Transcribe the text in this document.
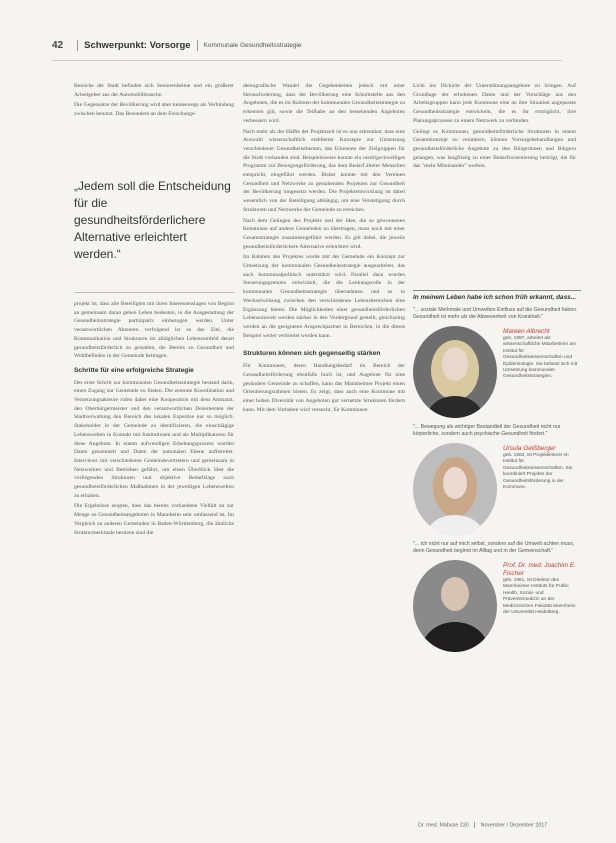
42 Schwerpunkt: Vorsorge Kommunale Gesundheitsstrategie

Bereiche der Stadt befinden sich Seniorenheime und ein großerer Arbeitgeber aus der Automobilbranche.

Die Gegensätze der Bevölkerung wird aber keineswegs als Verbindung zwischen benutzt. Das Besondere an dem Forschungs-

„Jedem soll die Entscheidung für die gesundheitsförderlichere Alternative erleichtert werden.“

projekt ist, dass alle Beteiligten mit ihren Interessenslagen von Beginn an gemeinsam daran gehen Leben bedeuten, in die Ausgestaltung der Gesundheitsstrategie partizipativ einbezogen werden. Unter verantwortlichen Akteuren verfolgend ist es das Ziel, die Kommunikation und Strukturen im alltäglichen Lebensumfeld derart gesundheitsförderlich zu gestalten, die Bereits zu Gesundheit und Wohlbefinden in der Gemeinde beitragen.

Schritte für eine erfolgreiche Strategie

Der erste Schritt zur kommunalen Gesundheitsstrategie bestand darin, einen Zugang zur Gemeinde zu finden. Die zentrale Koordination und Vernetzungsakteure rufen dabei eine Kooperation mit dem Amtsarzt, den Oberbürgermeister und den verantwortlichen Dezernenten der Stadtverwaltung den Bereich des lokalen Expertise nur so möglich. Stakeholder in der Gemeinde zu identifizieren, die einschlägige Lebenswelten in Kontakt mit Institutionen und als Multiplikatoren für diese Angebote. In einem aufwendigen Erhebungsprozess wurden Daten gesammelt und Daten der nationalen Ebene aufbereitet. Interviews mit verschiedenen Gemeindevertretern und gemeinsam in Netzwerken und Betrieben geführt, um einen Überblick über die vorliegenden Strukturen und objektive Bedarfslage nach gesundheitsförderlichen Maßnahmen in der jeweiligen Lebenswelten zu erhalten.

Die Ergebnisse zeigten, dass das bereits vorhandene Vielfalt an zur Menge an Gesundheitsangeboten in Mannheim sehr umfassend ist. Im Vergleich zu anderen Gemeinden in Baden-Württemberg, die ähnliche Strukturmerkmale besitzen sind die

demografische Wandel die Gegebenheiten jedoch mit einer Herausforderung, dass der Bevölkerung eine Schnittstelle aus den Angeboten, die es im Rahmen der kommunalen Gesundheitsstrategie zu erkennen gilt, sowie die Teilhabe an den bestehenden Angeboten verbessern wird.

Nach mehr als der Hälfte der Projektzeit ist es nun erkennbar, dass eine Auswahl wissenschaftlich etablierter Konzepte zur Umsetzung verschiedener Gesundheitsthemen, das Erkennen der Zielgruppen für die Stadt vorhanden sind. Beispielsweise konnte ein niedrigschwelliges Programm zur Bewegungsförderung, das dem Bedarf älterer Menschen entspricht, eingeführt werden. Bisher konnte mit den Vereinen Gesundheit und Netzwerke zu gestaltenden Projekten zur Gesundheit der Bevölkerung umgesetzt werden. Die Projektentwicklung ist dabei wesentlich von der Beteiligung abhängig, um eine Verstetigung durch Strukturen und Netzwerke der Gemeinde zu erreichen.

Nach dem Gelingen des Projekts und der Idee, die so gewonnenen Kenntnisse auf andere Gemeinden zu übertragen, muss noch mit einer Gesamtstrategie zusammengeführt werden. Es gilt dabei, die jeweils gesundheitsförderlichere Alternative erleichtert wird.

Im Rahmen des Projektes wurde mit der Gemeinde ein Konzept zur Umsetzung der kommunalen Gesundheitsstrategie ausgearbeitet, das auch kommunalpolitisch unterstützt wird. Parallel dazu wurden Steuerungsgremien entwickelt, die die Lenkungsrolle in der kommunalen Gesundheitsstrategie übernehmen und so in Wechselwirkung zwischen den verschiedenen Lebensbereichen eine Ergänzung bieten. Die Möglichkeiten einer gesundheitsförderlichen Lebensumwelt werden stärker in den Vordergrund gestellt, gleichzeitig werden an die geeigneten Ansprechpartner in Bereichen, in die dieses Beispiel weiter verbreitet werden kann.

Strukturen können sich gegenseitig stärken

Für Kommunen, deren Handlungsbedarf im Bereich der Gesundheitsförderung ebenfalls hoch ist, und Angebote für eine gesündere Gemeinde zu schaffen, kann das Mannheimer Projekt einen Orientierungsrahmen bieten. Es zeigt, dass auch eine Kommune mit einer hohen Diversität von Angeboten gut vernetzte Strukturen fördern kann. Mit dem Vorhaben wird versucht, für Kommunen

Licht ins Dickicht der Unterstützungsangebote zu bringen. Auf Grundlage der erhobenen Daten und der Vorschläge aus den Arbeitsgruppen kann jede Kommune eine an ihre Situation angepasste Gesundheitsstrategie entwickeln, die es ihr ermöglicht, ihre Planungsprozesse zu einem Netzwerk zu verbinden.

Gelingt es Kommunen, gesundheitsförderliche Strukturen in einem Gesamtkonzept zu verankern, können Vorsorgebehandlungen und gesundheitsförderliche Angebote zu den Bürgerinnen und Bürgern gelangen, was langfristig zu einer Bedarfsorientierung beiträgt, die für das "mehr Miteinander" werben.

In meinem Leben habe ich schon früh erkannt, dass...
"... soziale Merkmale und Umwelten Einfluss auf die Gesundheit haben. Gesundheit ist mehr als die Abwesenheit von Krankheit."
Mareen Albrecht
geb. 1987, arbeitet als wissenschaftliche Mitarbeiterin am Institut für Gesundheitswissenschaften und Epidemiologie. Sie befasst sich mit Umsetzung kommunaler Gesundheitsstrategien.
"... Bewegung als wichtiger Bestandteil der Gesundheit nicht nur körperliche, sondern auch psychische Gesundheit fördert."
Ursula Geißberger
geb. 1983, ist Projektleiterin im Institut für Gesundheitswissenschaften. Sie koordiniert Projekte der Gesundheitsförderung in der Kommune.
"... ich nicht nur auf mich selbst, sondern auf die Umwelt achten muss, denn Gesundheit beginnt im Alltag und in der Gemeinschaft."
Prof. Dr. med. Joachim E. Fischer
geb. 1961, ist Direktor des Mannheimer Instituts für Public Health, Sozial- und Präventivmedizin an der Medizinischen Fakultät Mannheim der Universität Heidelberg.
Dr. med. Mabuse 230 November / Dezember 2017
